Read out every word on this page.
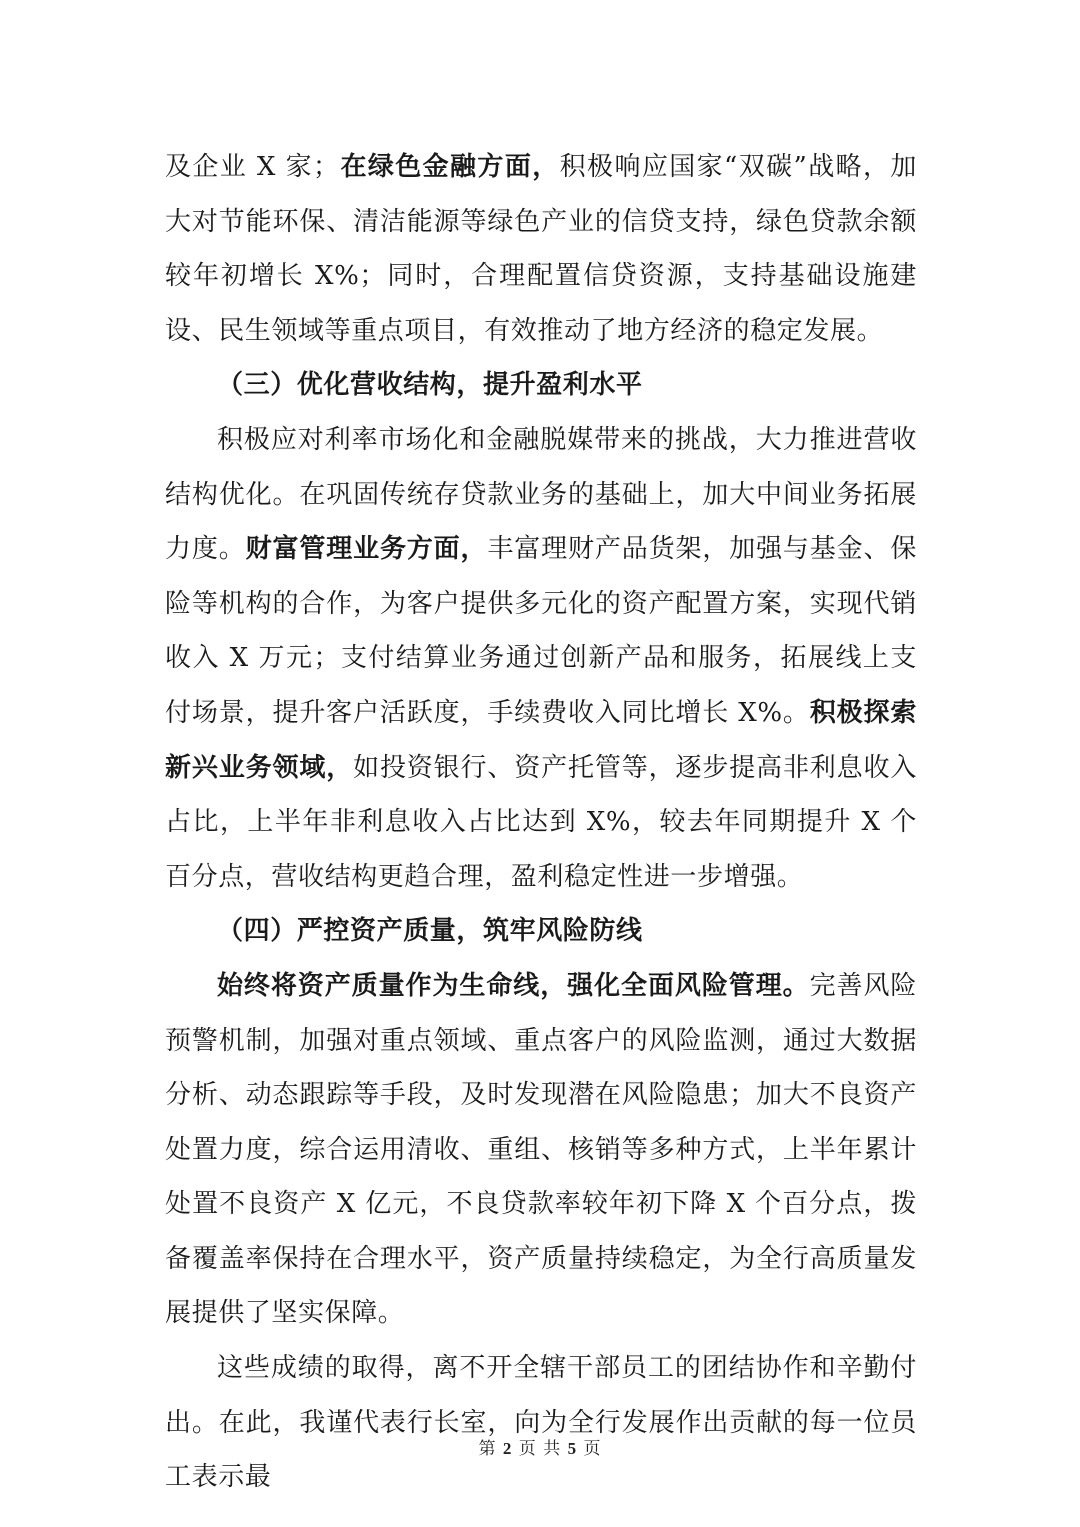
及企业 X 家；在绿色金融方面，积极响应国家“双碳”战略，加大对节能环保、清洁能源等绿色产业的信贷支持，绿色贷款余额较年初增长 X%；同时，合理配置信贷资源，支持基础设施建设、民生领域等重点项目，有效推动了地方经济的稳定发展。

（三）优化营收结构，提升盈利水平

积极应对利率市场化和金融脱媒带来的挑战，大力推进营收结构优化。在巩固传统存贷款业务的基础上，加大中间业务拓展力度。财富管理业务方面，丰富理财产品货架，加强与基金、保险等机构的合作，为客户提供多元化的资产配置方案，实现代销收入 X 万元；支付结算业务通过创新产品和服务，拓展线上支付场景，提升客户活跃度，手续费收入同比增长 X%。积极探索新兴业务领域，如投资银行、资产托管等，逐步提高非利息收入占比，上半年非利息收入占比达到 X%，较去年同期提升 X 个百分点，营收结构更趋合理，盈利稳定性进一步增强。

（四）严控资产质量，筑牢风险防线

始终将资产质量作为生命线，强化全面风险管理。完善风险预警机制，加强对重点领域、重点客户的风险监测，通过大数据分析、动态跟踪等手段，及时发现潜在风险隐患；加大不良资产处置力度，综合运用清收、重组、核销等多种方式，上半年累计处置不良资产 X 亿元，不良贷款率较年初下降 X 个百分点，拨备覆盖率保持在合理水平，资产质量持续稳定，为全行高质量发展提供了坚实保障。

这些成绩的取得，离不开全辖干部员工的团结协作和辛勤付出。在此，我谨代表行长室，向为全行发展作出贡献的每一位员工表示最

第 2 页 共 5 页
